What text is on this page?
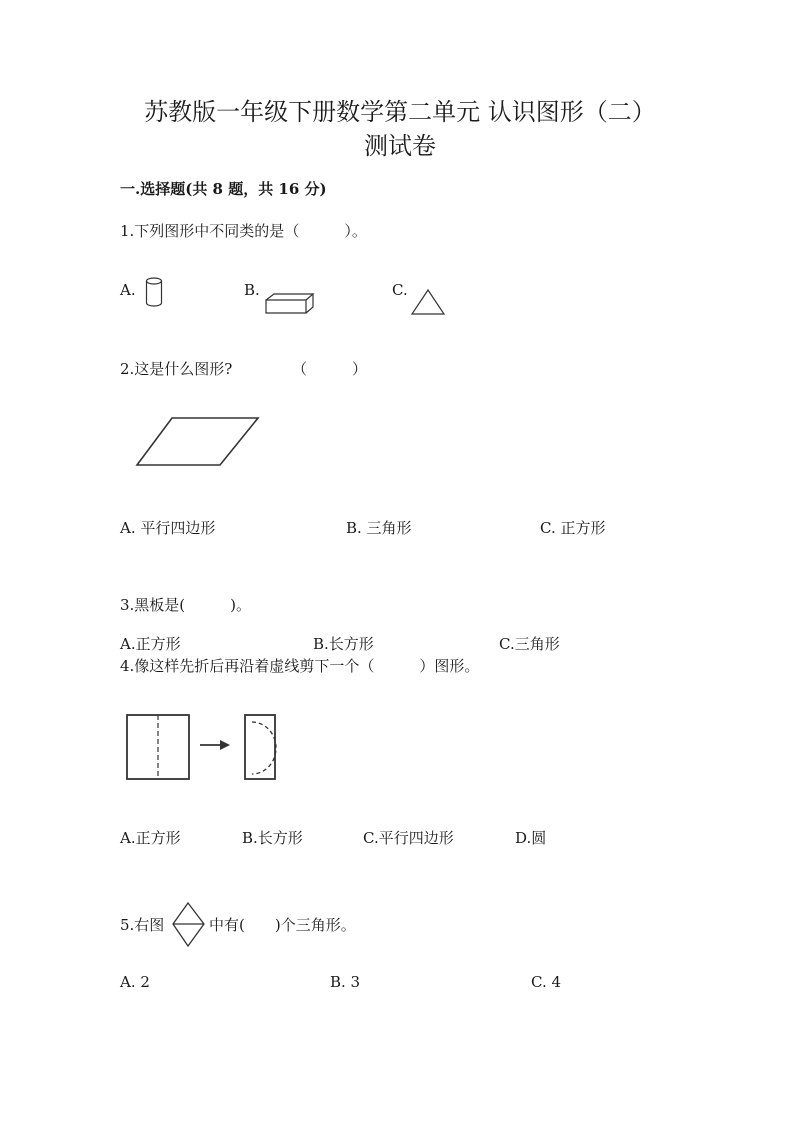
苏教版一年级下册数学第二单元 认识图形（二）
测试卷
一.选择题(共 8 题，共 16 分)
1.下列图形中不同类的是（　　　）。
A.	B.	C.
2.这是什么图形?	（　　　）
A. 平行四边形	B. 三角形	C. 正方形
3.黑板是(　　　)。
A.正方形	B.长方形	C.三角形
4.像这样先折后再沿着虚线剪下一个（　　　）图形。
A.正方形	B.长方形	C.平行四边形	D.圆
5.右图	中有(　　)个三角形。
A. 2	B. 3	C. 4
